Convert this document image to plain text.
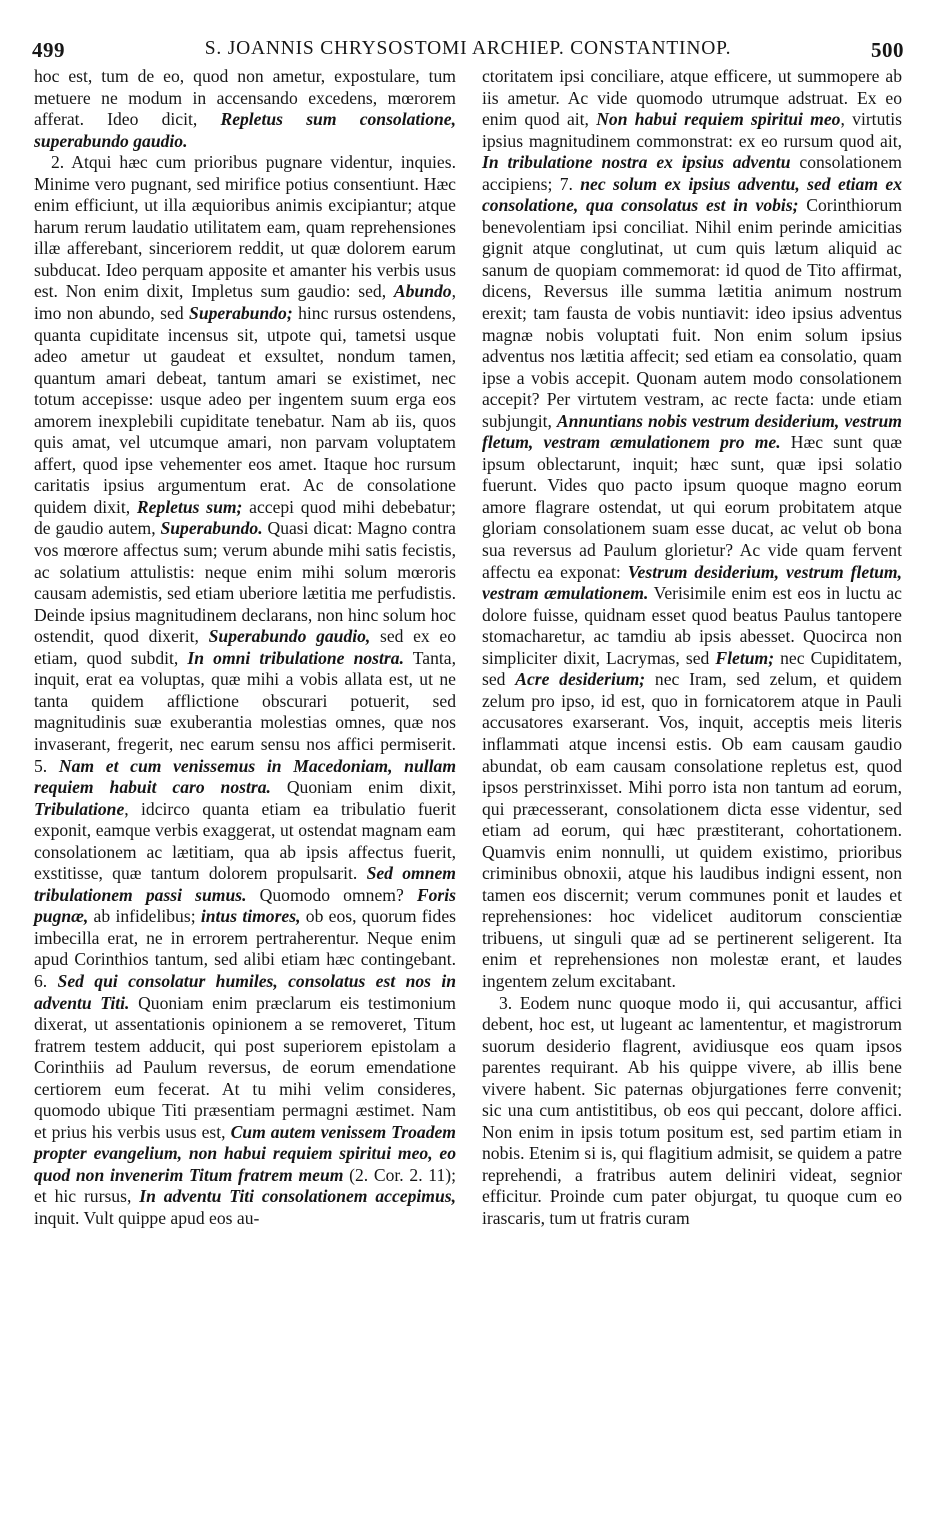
499	S. JOANNIS CHRYSOSTOMI ARCHIEP. CONSTANTINOP.	500

hoc est, tum de eo, quod non ametur, expostulare, tum metuere ne modum in accensando excedens, mœrorem afferat. Ideo dicit, Repletus sum consolatione, superabundo gaudio.

2. Atqui hæc cum prioribus pugnare videntur, inquies. Minime vero pugnant, sed mirifice potius consentiunt. Hæc enim efficiunt, ut illa æquioribus animis excipiantur; atque harum rerum laudatio utilitatem eam, quam reprehensiones illæ afferebant, sinceriorem reddit, ut quæ dolorem earum subducat. Ideo perquam apposite et amanter his verbis usus est. Non enim dixit, Impletus sum gaudio: sed, Abundo, imo non abundo, sed Superabundo; hinc rursus ostendens, quanta cupiditate incensus sit, utpote qui, tametsi usque adeo ametur ut gaudeat et exsultet, nondum tamen, quantum amari debeat, tantum amari se existimet, nec totum accepisse: usque adeo per ingentem suum erga eos amorem inexplebili cupiditate tenebatur. Nam ab iis, quos quis amat, vel utcumque amari, non parvam voluptatem affert, quod ipse vehementer eos amet. Itaque hoc rursum caritatis ipsius argumentum erat. Ac de consolatione quidem dixit, Repletus sum; accepi quod mihi debebatur; de gaudio autem, Superabundo. Quasi dicat: Magno contra vos mœrore affectus sum; verum abunde mihi satis fecistis, ac solatium attulistis: neque enim mihi solum mœroris causam ademistis, sed etiam uberiore lætitia me perfudistis. Deinde ipsius magnitudinem declarans, non hinc solum hoc ostendit, quod dixerit, Superabundo gaudio, sed ex eo etiam, quod subdit, In omni tribulatione nostra. Tanta, inquit, erat ea voluptas, quæ mihi a vobis allata est, ut ne tanta quidem afflictione obscurari potuerit, sed magnitudinis suæ exuberantia molestias omnes, quæ nos invaserant, fregerit, nec earum sensu nos affici permiserit. 5. Nam et cum venissemus in Macedoniam, nullam requiem habuit caro nostra. Quoniam enim dixit, Tribulatione, idcirco quanta etiam ea tribulatio fuerit exponit, eamque verbis exaggerat, ut ostendat magnam eam consolationem ac lætitiam, qua ab ipsis affectus fuerit, exstitisse, quæ tantum dolorem propulsarit. Sed omnem tribulationem passi sumus. Quomodo omnem? Foris pugnæ, ab infidelibus; intus timores, ob eos, quorum fides imbecilla erat, ne in errorem pertraherentur. Neque enim apud Corinthios tantum, sed alibi etiam hæc contingebant. 6. Sed qui consolatur humiles, consolatus est nos in adventu Titi. Quoniam enim præclarum eis testimonium dixerat, ut assentationis opinionem a se removeret, Titum fratrem testem adducit, qui post superiorem epistolam a Corinthiis ad Paulum reversus, de eorum emendatione certiorem eum fecerat. At tu mihi velim consideres, quomodo ubique Titi præsentiam permagni æstimet. Nam et prius his verbis usus est, Cum autem venissem Troadem propter evangelium, non habui requiem spiritui meo, eo quod non invenerim Titum fratrem meum (2. Cor. 2. 11); et hic rursus, In adventu Titi consolationem accepimus, inquit. Vult quippe apud eos au-

ctoritatem ipsi conciliare, atque efficere, ut summopere ab iis ametur. Ac vide quomodo utrumque adstruat. Ex eo enim quod ait, Non habui requiem spiritui meo, virtutis ipsius magnitudinem commonstrat: ex eo rursum quod ait, In tribulatione nostra ex ipsius adventu consolationem accipiens; 7. nec solum ex ipsius adventu, sed etiam ex consolatione, qua consolatus est in vobis; Corinthiorum benevolentiam ipsi conciliat. Nihil enim perinde amicitias gignit atque conglutinat, ut cum quis lætum aliquid ac sanum de quopiam commemorat: id quod de Tito affirmat, dicens, Reversus ille summa lætitia animum nostrum erexit; tam fausta de vobis nuntiavit: ideo ipsius adventus magnæ nobis voluptati fuit. Non enim solum ipsius adventus nos lætitia affecit; sed etiam ea consolatio, quam ipse a vobis accepit. Quonam autem modo consolationem accepit? Per virtutem vestram, ac recte facta: unde etiam subjungit, Annuntians nobis vestrum desiderium, vestrum fletum, vestram æmulationem pro me. Hæc sunt quæ ipsum oblectarunt, inquit; hæc sunt, quæ ipsi solatio fuerunt. Vides quo pacto ipsum quoque magno eorum amore flagrare ostendat, ut qui eorum probitatem atque gloriam consolationem suam esse ducat, ac velut ob bona sua reversus ad Paulum glorietur? Ac vide quam fervent affectu ea exponat: Vestrum desiderium, vestrum fletum, vestram æmulationem. Verisimile enim est eos in luctu ac dolore fuisse, quidnam esset quod beatus Paulus tantopere stomacharetur, ac tamdiu ab ipsis abesset. Quocirca non simpliciter dixit, Lacrymas, sed Fletum; nec Cupiditatem, sed Acre desiderium; nec Iram, sed zelum, et quidem zelum pro ipso, id est, quo in fornicatorem atque in Pauli accusatores exarserant. Vos, inquit, acceptis meis literis inflammati atque incensi estis. Ob eam causam gaudio abundat, ob eam causam consolatione repletus est, quod ipsos perstrinxisset. Mihi porro ista non tantum ad eorum, qui præcesserant, consolationem dicta esse videntur, sed etiam ad eorum, qui hæc præstiterant, cohortationem. Quamvis enim nonnulli, ut quidem existimo, prioribus criminibus obnoxii, atque his laudibus indigni essent, non tamen eos discernit; verum communes ponit et laudes et reprehensiones: hoc videlicet auditorum conscientiæ tribuens, ut singuli quæ ad se pertinerent seligerent. Ita enim et reprehensiones non molestæ erant, et laudes ingentem zelum excitabant.

3. Eodem nunc quoque modo ii, qui accusantur, affici debent, hoc est, ut lugeant ac lamententur, et magistrorum suorum desiderio flagrent, avidiusque eos quam ipsos parentes requirant. Ab his quippe vivere, ab illis bene vivere habent. Sic paternas objurgationes ferre convenit; sic una cum antistitibus, ob eos qui peccant, dolore affici. Non enim in ipsis totum positum est, sed partim etiam in nobis. Etenim si is, qui flagitium admisit, se quidem a patre reprehendi, a fratribus autem deliniri videat, segnior efficitur. Proinde cum pater objurgat, tu quoque cum eo irascaris, tum ut fratris curam
